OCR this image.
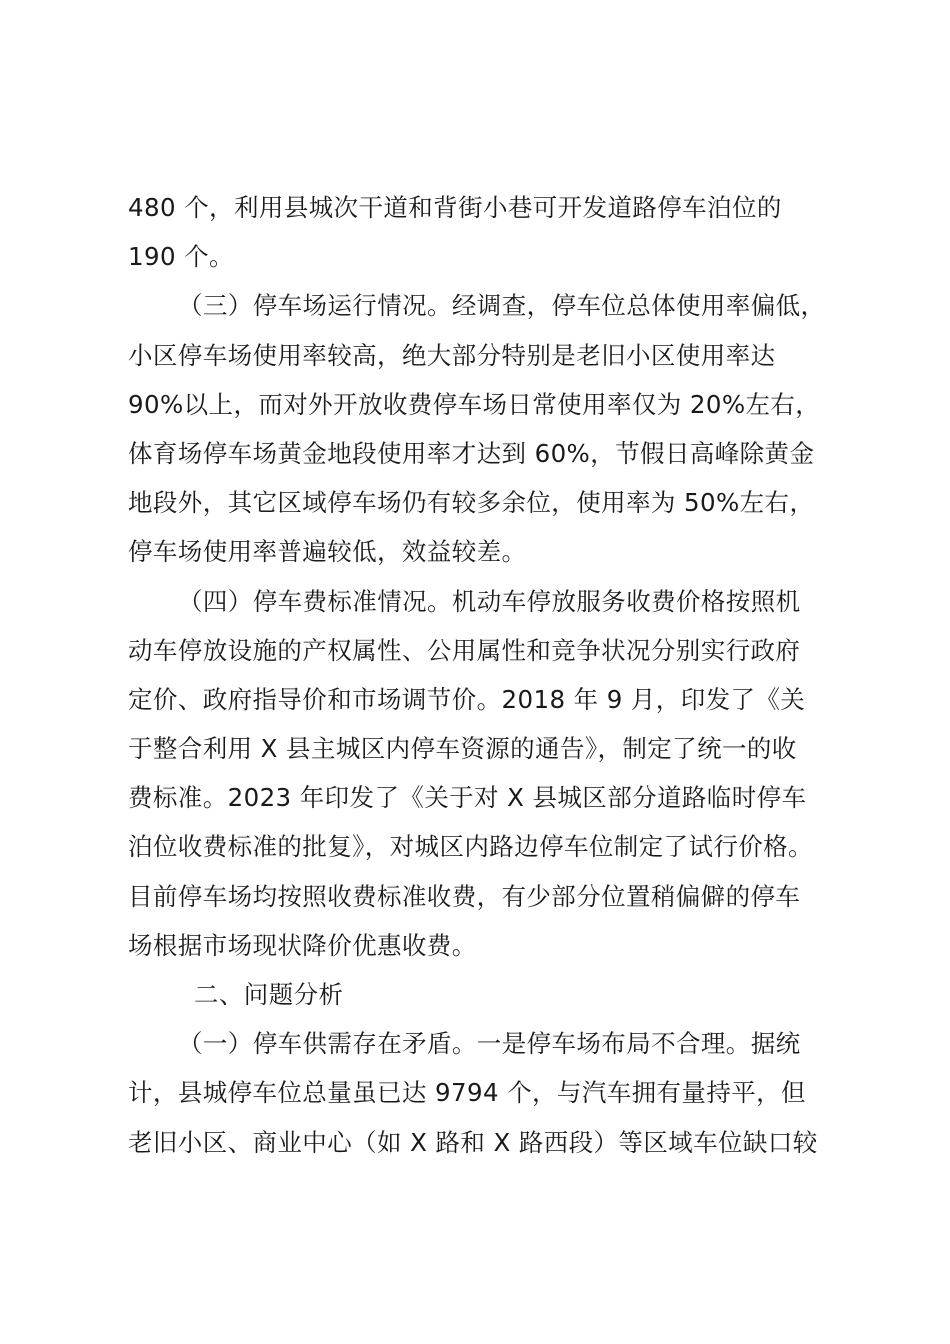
480 个，利用县城次干道和背街小巷可开发道路停车泊位的
190 个。
（三）停车场运行情况。经调查，停车位总体使用率偏低，
小区停车场使用率较高，绝大部分特别是老旧小区使用率达
90%以上，而对外开放收费停车场日常使用率仅为 20%左右，
体育场停车场黄金地段使用率才达到 60%，节假日高峰除黄金
地段外，其它区域停车场仍有较多余位，使用率为 50%左右，
停车场使用率普遍较低，效益较差。
（四）停车费标准情况。机动车停放服务收费价格按照机
动车停放设施的产权属性、公用属性和竞争状况分别实行政府
定价、政府指导价和市场调节价。2018 年 9 月，印发了《关
于整合利用 X 县主城区内停车资源的通告》，制定了统一的收
费标准。2023 年印发了《关于对 X 县城区部分道路临时停车
泊位收费标准的批复》，对城区内路边停车位制定了试行价格。
目前停车场均按照收费标准收费，有少部分位置稍偏僻的停车
场根据市场现状降价优惠收费。
二、问题分析
（一）停车供需存在矛盾。一是停车场布局不合理。据统
计，县城停车位总量虽已达 9794 个，与汽车拥有量持平，但
老旧小区、商业中心（如 X 路和 X 路西段）等区域车位缺口较
